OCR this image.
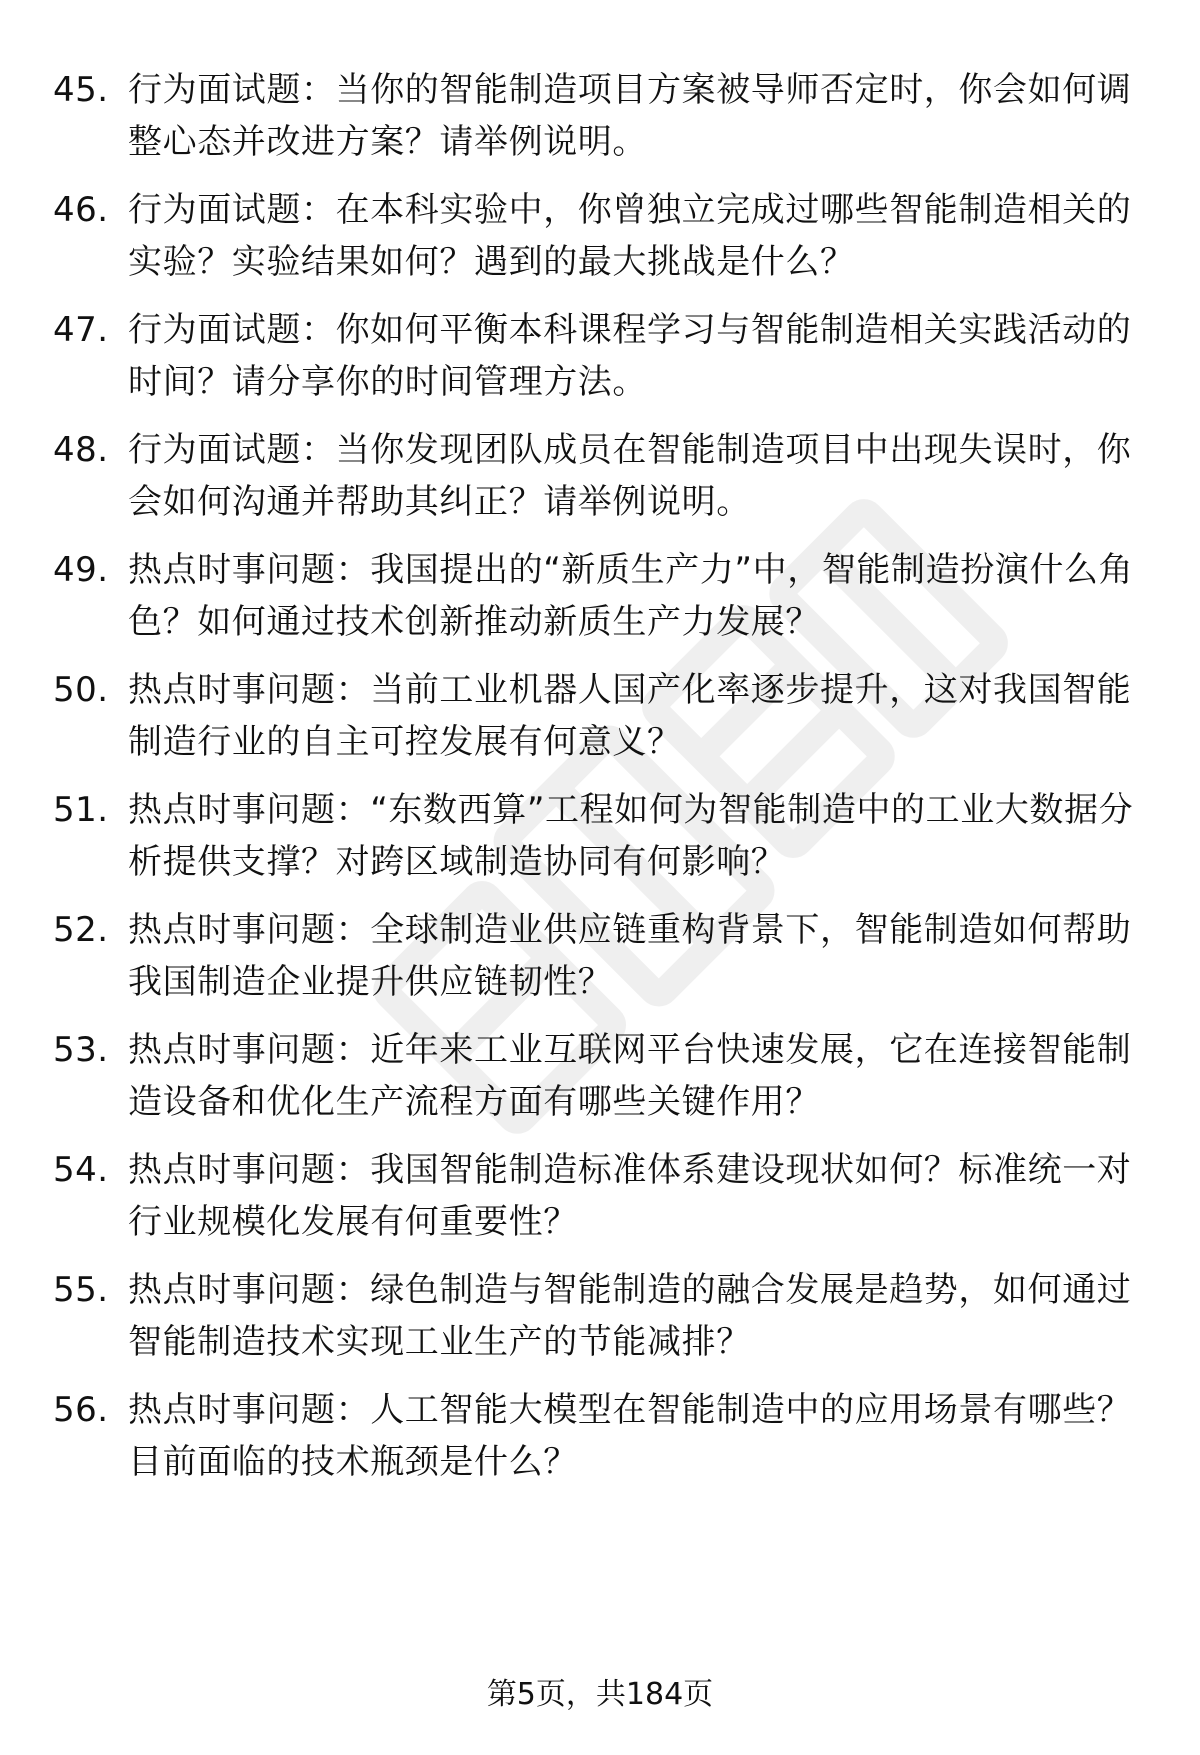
45. 行为面试题：当你的智能制造项目方案被导师否定时，你会如何调整心态并改进方案？请举例说明。
46. 行为面试题：在本科实验中，你曾独立完成过哪些智能制造相关的实验？实验结果如何？遇到的最大挑战是什么？
47. 行为面试题：你如何平衡本科课程学习与智能制造相关实践活动的时间？请分享你的时间管理方法。
48. 行为面试题：当你发现团队成员在智能制造项目中出现失误时，你会如何沟通并帮助其纠正？请举例说明。
49. 热点时事问题：我国提出的“新质生产力”中，智能制造扮演什么角色？如何通过技术创新推动新质生产力发展？
50. 热点时事问题：当前工业机器人国产化率逐步提升，这对我国智能制造行业的自主可控发展有何意义？
51. 热点时事问题：“东数西算”工程如何为智能制造中的工业大数据分析提供支撑？对跨区域制造协同有何影响？
52. 热点时事问题：全球制造业供应链重构背景下，智能制造如何帮助我国制造企业提升供应链韧性？
53. 热点时事问题：近年来工业互联网平台快速发展，它在连接智能制造设备和优化生产流程方面有哪些关键作用？
54. 热点时事问题：我国智能制造标准体系建设现状如何？标准统一对行业规模化发展有何重要性？
55. 热点时事问题：绿色制造与智能制造的融合发展是趋势，如何通过智能制造技术实现工业生产的节能减排？
56. 热点时事问题：人工智能大模型在智能制造中的应用场景有哪些？目前面临的技术瓶颈是什么？
第5页，共184页
